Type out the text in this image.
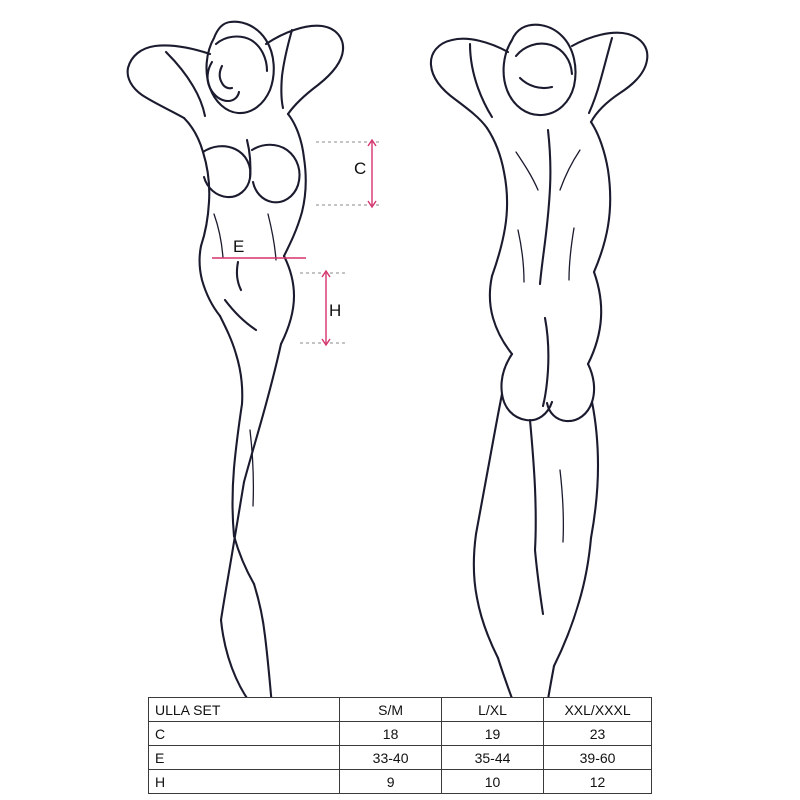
C
E
H
ULLA SET	S/M	L/XL	XXL/XXXL
C	18	19	23
E	33-40	35-44	39-60
H	9	10	12
